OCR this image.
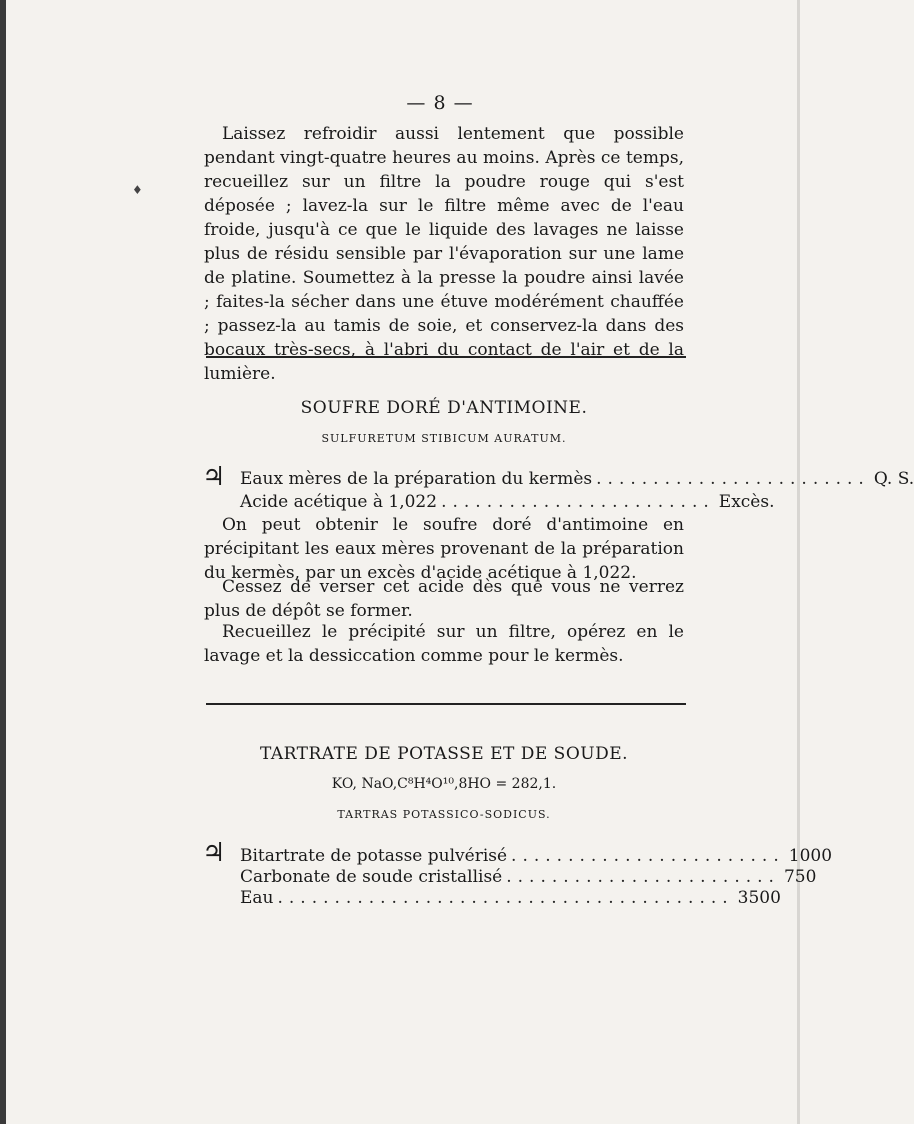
— 8 —
♦
Laissez refroidir aussi lentement que possible pendant vingt-quatre heures au moins. Après ce temps, recueillez sur un filtre la poudre rouge qui s'est déposée ; lavez-la sur le filtre même avec de l'eau froide, jusqu'à ce que le liquide des lavages ne laisse plus de résidu sensible par l'évaporation sur une lame de platine. Soumettez à la presse la poudre ainsi lavée ; faites-la sécher dans une étuve modérément chauffée ; passez-la au tamis de soie, et conservez-la dans des bocaux très-secs, à l'abri du contact de l'air et de la lumière.
SOUFRE DORÉ D'ANTIMOINE.
SULFURETUM STIBICUM AURATUM.
♃ Eaux mères de la préparation du kermès ........................ Q. S.
Acide acétique à 1,022 ........................ Excès.
On peut obtenir le soufre doré d'antimoine en précipitant les eaux mères provenant de la préparation du kermès, par un excès d'acide acétique à 1,022.
Cessez de verser cet acide dès que vous ne verrez plus de dépôt se former.
Recueillez le précipité sur un filtre, opérez en le lavage et la dessiccation comme pour le kermès.
TARTRATE DE POTASSE ET DE SOUDE.
KO, NaO,C⁸H⁴O¹⁰,8HO = 282,1.
TARTRAS POTASSICO-SODICUS.
♃ Bitartrate de potasse pulvérisé ........................ 1000
Carbonate de soude cristallisé ........................ 750
Eau ........................................ 3500
